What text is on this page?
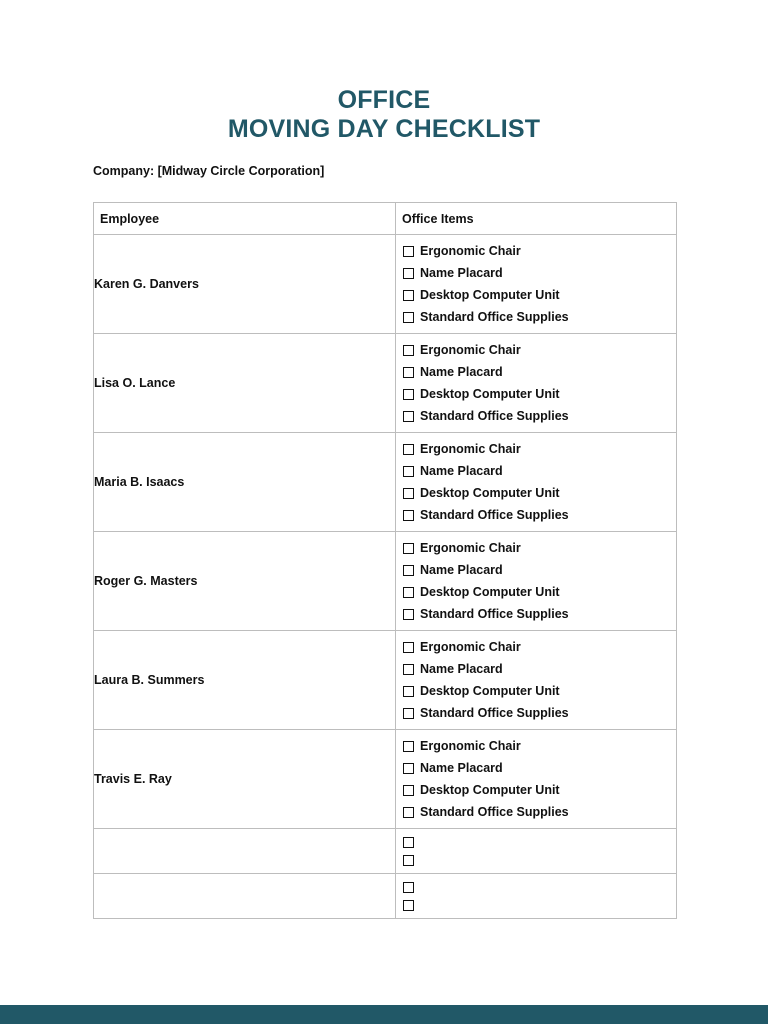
OFFICE
MOVING DAY CHECKLIST
Company: [Midway Circle Corporation]
Employee	Office Items
Karen G. Danvers	Ergonomic Chair
Name Placard
Desktop Computer Unit
Standard Office Supplies

Lisa O. Lance	Ergonomic Chair
Name Placard
Desktop Computer Unit
Standard Office Supplies

Maria B. Isaacs	Ergonomic Chair
Name Placard
Desktop Computer Unit
Standard Office Supplies

Roger G. Masters	Ergonomic Chair
Name Placard
Desktop Computer Unit
Standard Office Supplies

Laura B. Summers	Ergonomic Chair
Name Placard
Desktop Computer Unit
Standard Office Supplies

Travis E. Ray	Ergonomic Chair
Name Placard
Desktop Computer Unit
Standard Office Supplies
